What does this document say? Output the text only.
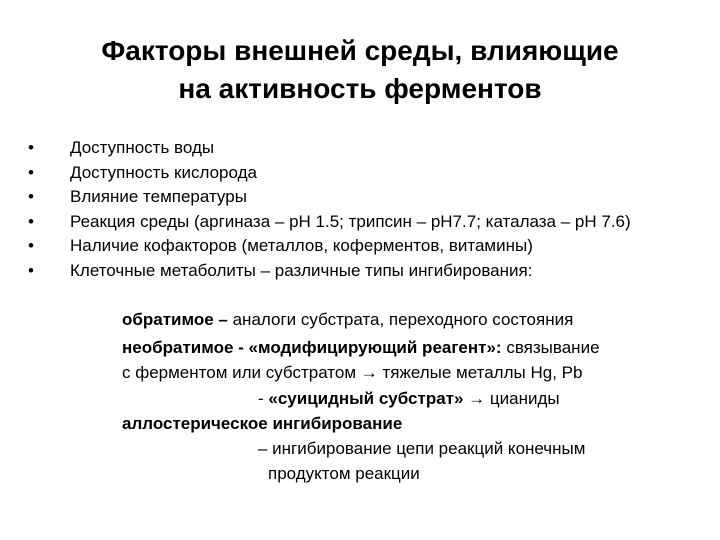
Факторы внешней среды, влияющие
на активность ферментов
•	Доступность воды
•	Доступность кислорода
•	Влияние температуры
•	Реакция среды (аргиназа – pH 1.5; трипсин – pH7.7; каталаза – pH 7.6)
•	Наличие кофакторов (металлов, коферментов, витамины)
•	Клеточные метаболиты – различные типы ингибирования:
обратимое – аналоги субстрата, переходного состояния
необратимое - «модифицирующий реагент»: связывание
с ферментом или субстратом → тяжелые металлы Hg, Pb
- «суицидный субстрат» → цианиды
аллостерическое ингибирование
– ингибирование цепи реакций конечным
продуктом реакции
